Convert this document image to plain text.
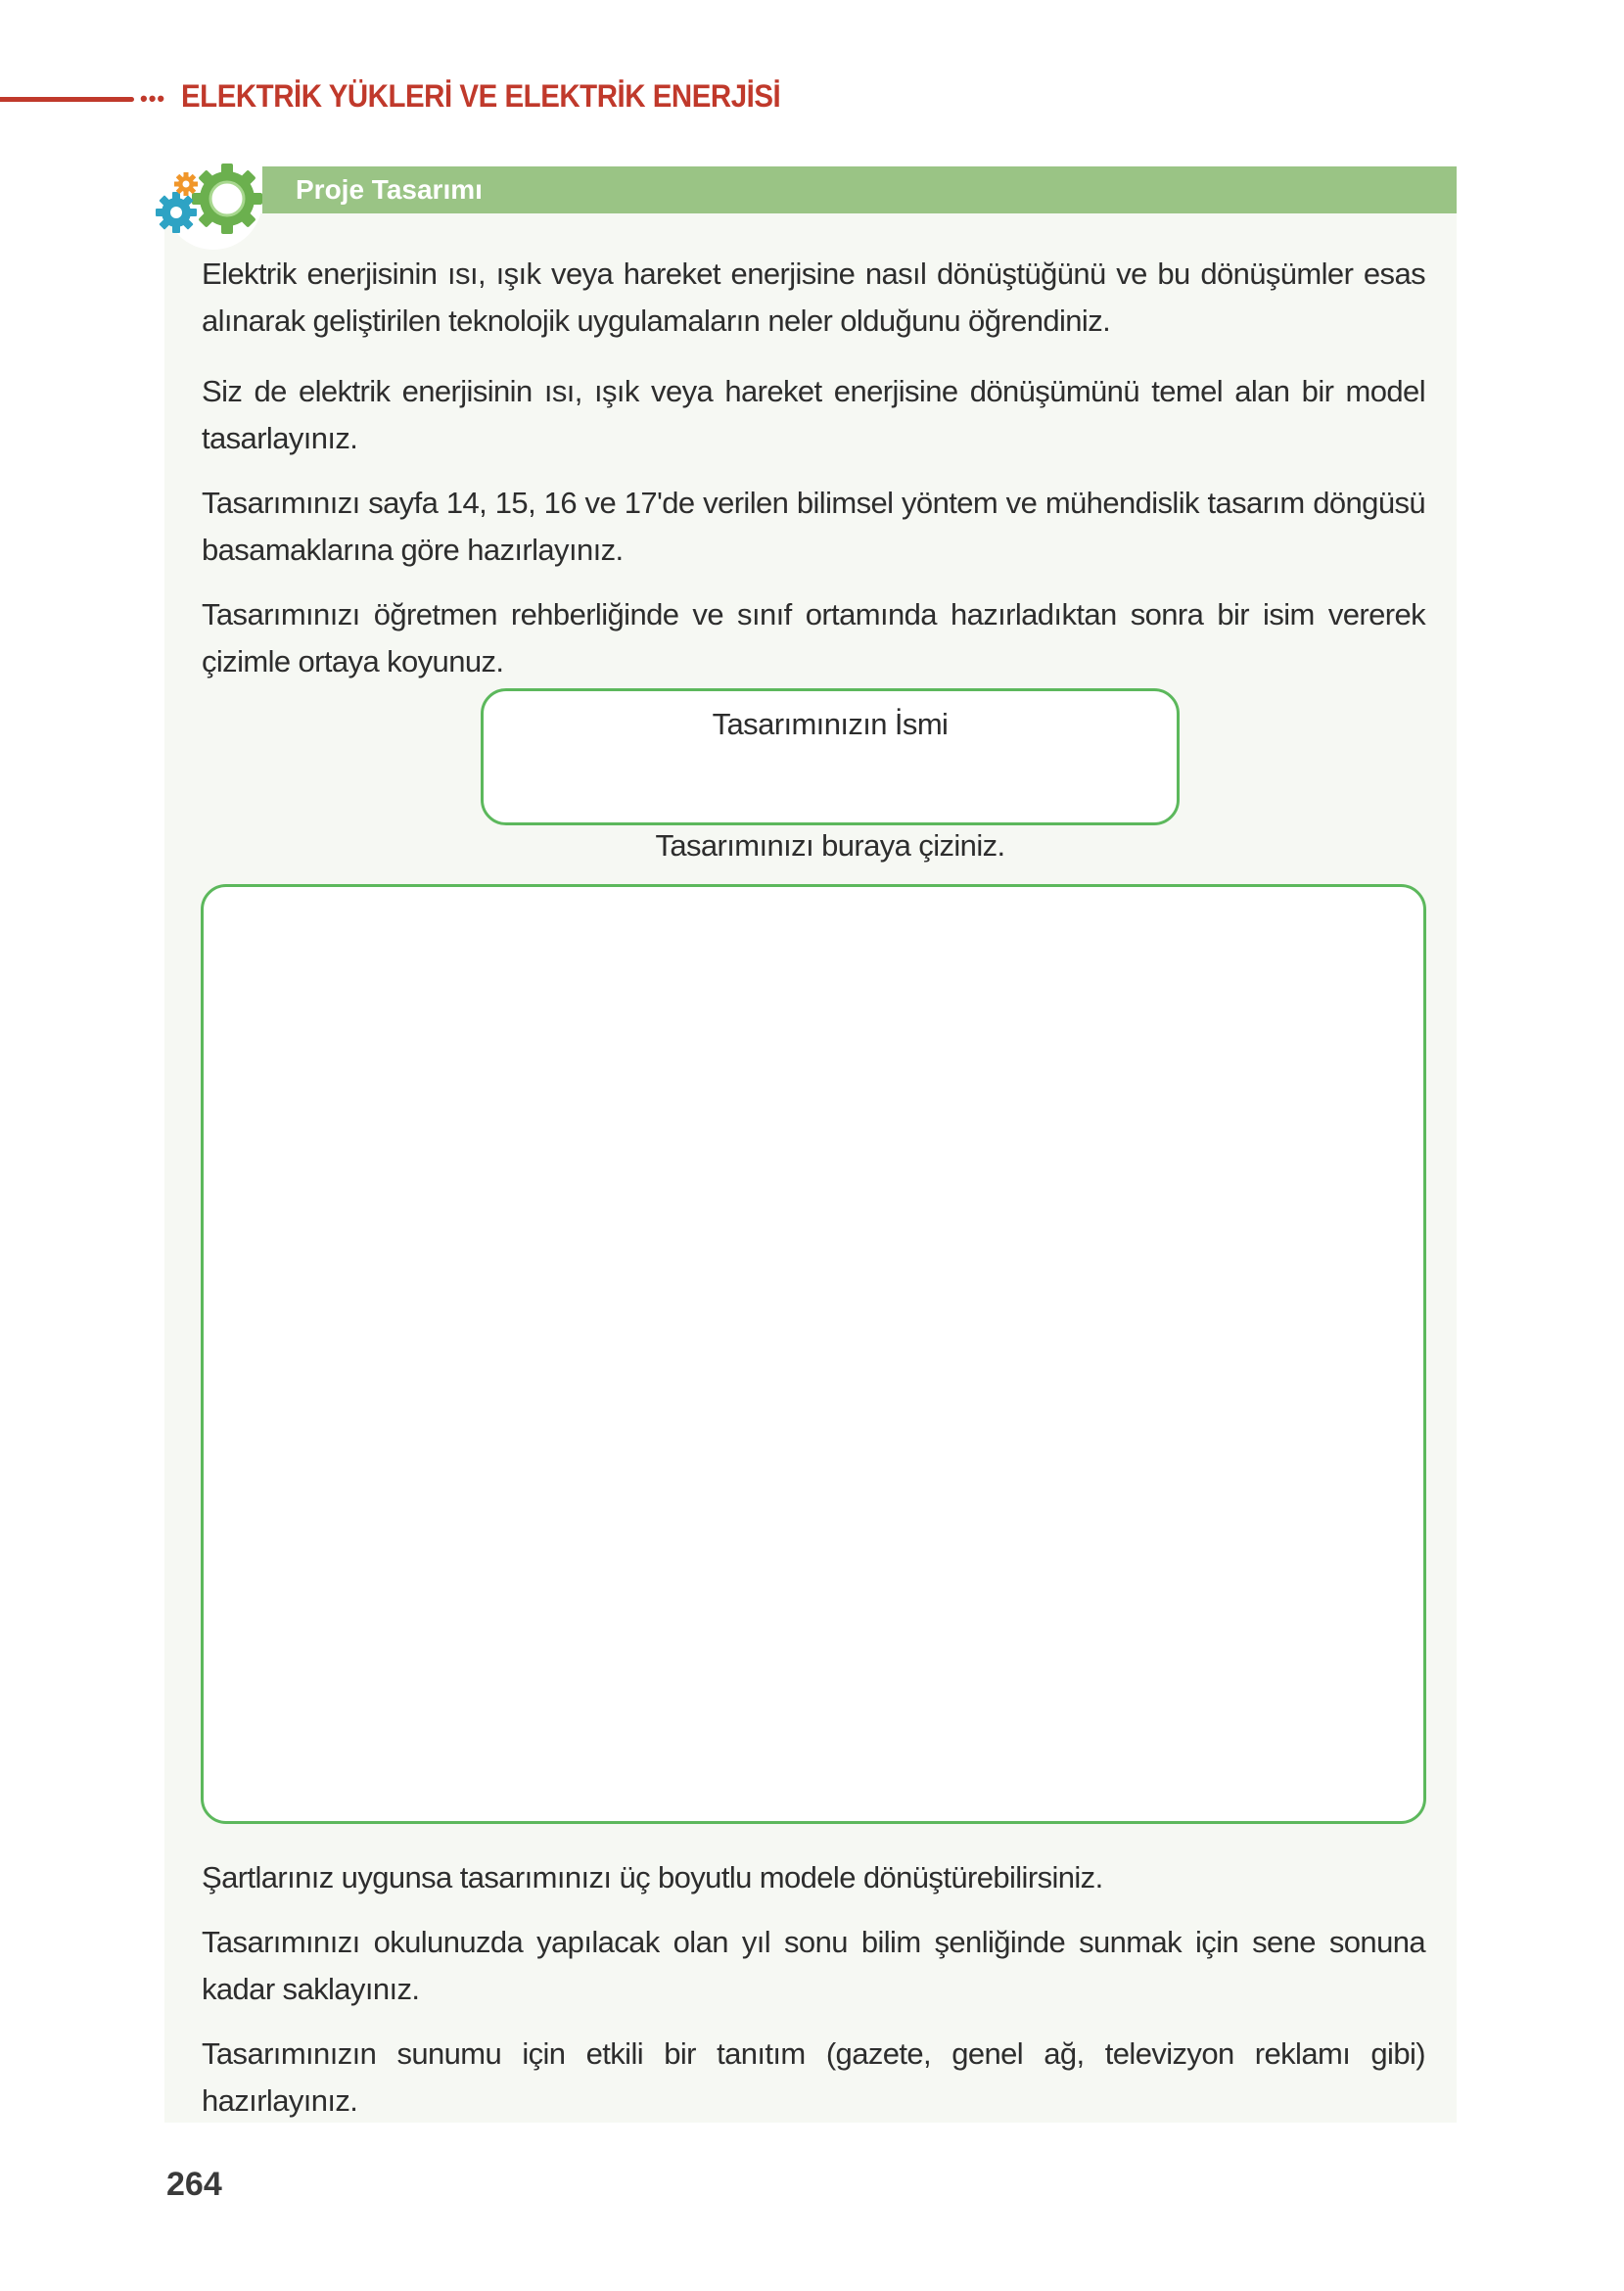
••• ELEKTRİK YÜKLERİ VE ELEKTRİK ENERJİSİ
Proje Tasarımı

Elektrik enerjisinin ısı, ışık veya hareket enerjisine nasıl dönüştüğünü ve bu dönüşümler esas alınarak geliştirilen teknolojik uygulamaların neler olduğunu öğrendiniz.

Siz de elektrik enerjisinin ısı, ışık veya hareket enerjisine dönüşümünü temel alan bir model tasarlayınız.

Tasarımınızı sayfa 14, 15, 16 ve 17'de verilen bilimsel yöntem ve mühendislik tasarım döngüsü basamaklarına göre hazırlayınız.

Tasarımınızı öğretmen rehberliğinde ve sınıf ortamında hazırladıktan sonra bir isim vererek çizimle ortaya koyunuz.

Tasarımınızın İsmi
Tasarımınızı buraya çiziniz.

Şartlarınız uygunsa tasarımınızı üç boyutlu modele dönüştürebilirsiniz.

Tasarımınızı okulunuzda yapılacak olan yıl sonu bilim şenliğinde sunmak için sene sonuna kadar saklayınız.

Tasarımınızın sunumu için etkili bir tanıtım (gazete, genel ağ, televizyon reklamı gibi) hazırlayınız.

264
